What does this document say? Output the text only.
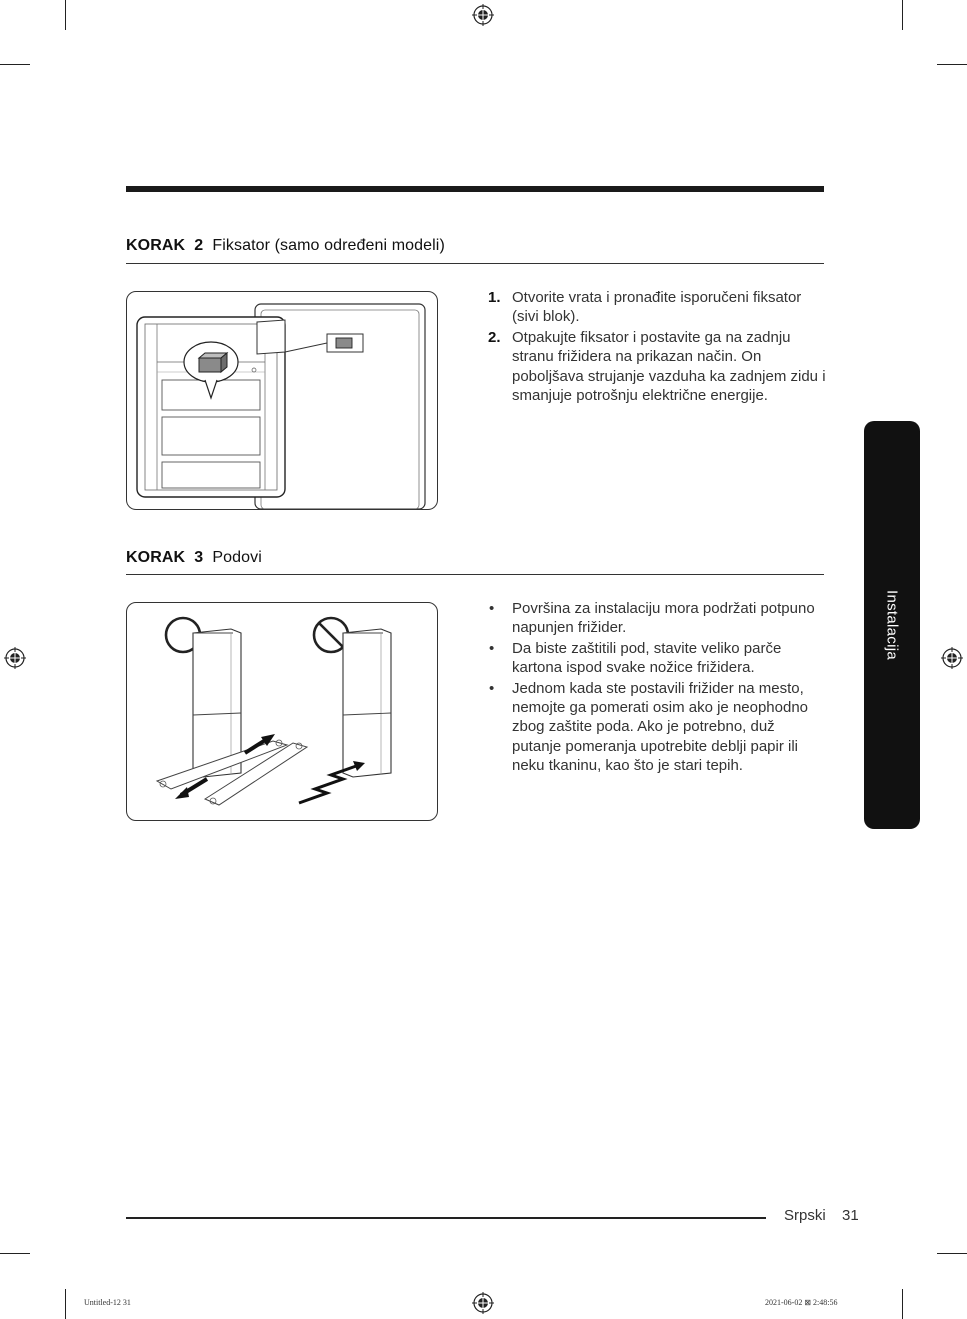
KORAK 2 Fiksator (samo određeni modeli)
1. Otvorite vrata i pronađite isporučeni fiksator (sivi blok).
2. Otpakujte fiksator i postavite ga na zadnju stranu frižidera na prikazan način. On poboljšava strujanje vazduha ka zadnjem zidu i smanjuje potrošnju električne energije.
KORAK 3 Podovi
• Površina za instalaciju mora podržati potpuno napunjen frižider.
• Da biste zaštitili pod, stavite veliko parče kartona ispod svake nožice frižidera.
• Jednom kada ste postavili frižider na mesto, nemojte ga pomerati osim ako je neophodno zbog zaštite poda. Ako je potrebno, duž putanje pomeranja upotrebite deblji papir ili neku tkaninu, kao što je stari tepih.
Instalacija
Srpski 31
Untitled-12 31	2021-06-02 ⊠ 2:48:56
